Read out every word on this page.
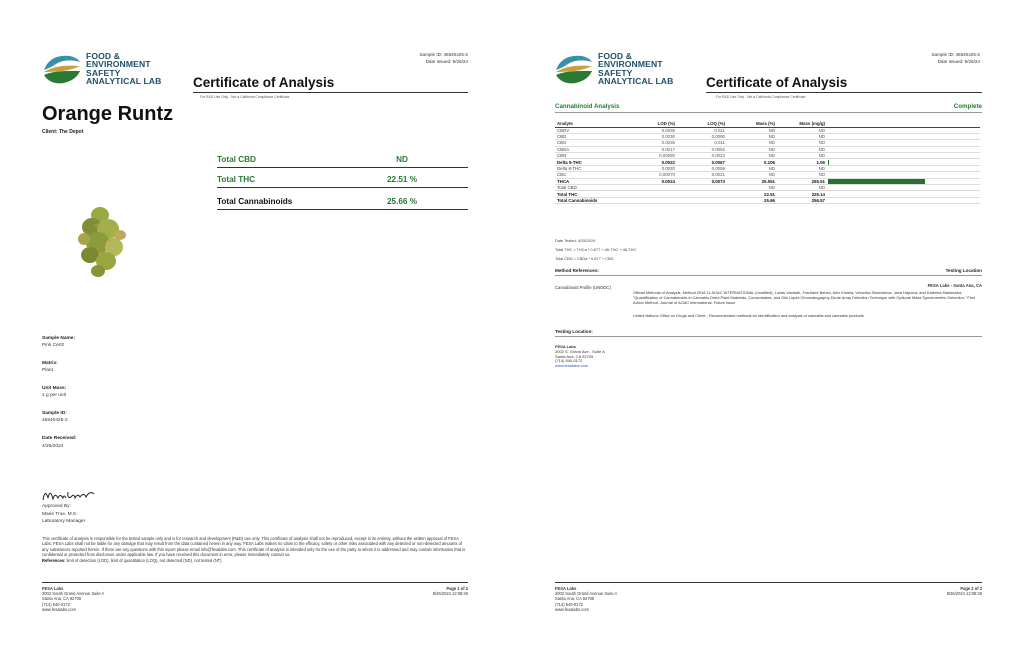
FOOD &
ENVIRONMENT
SAFETY
ANALYTICAL LAB
Sample ID: 46540425-2
Date Issued: 9/26/24
Certificate of Analysis
For R&D Use Only - Not a California Compliance Certificate
Orange Runtz
Client: The Depot
Total CBD	ND
Total THC	22.51 %
Total Cannabinoids	25.66 %
Sample Name:
Pink Certz
Matrix:
Plant
Unit Mass:
1 g per unit
Sample ID:
46540425-2
Date Received:
4/25/2024
Approved By:
Marie True, M.S.
Laboratory Manager
This certificate of analysis is responsible for the tested sample only and is for research and development (R&D) use only. This certificate of analysis shall not be reproduced, except in its entirety, without the written approval of FESA Labs. FESA Labs shall not be liable for any damage that may result from the data contained herein in any way. FESA Labs makes no claim to the efficacy, safety or other risks associated with any detected or non-detected amounts of any substances reported herein. If there are any questions with this report please email info@fesalabs.com. This certificate of analysis is intended only for the use of the party to whom it is addressed and may contain information that is confidential or protected from disclosure under applicable law. If you have received this document in error, please immediately contact us.
References: limit of detection (LOD), limit of quantitation (LOQ), not detected (ND), not tested (NT)
FESA Labs
2002 South Grand Avenue Suite A
Santa Ana, CA 92705
(714) 540-0172
www.fesalabs.com
Page 1 of 2
9/26/2024 12:08:36
FOOD &
ENVIRONMENT
SAFETY
ANALYTICAL LAB
Sample ID: 46540425-2
Date Issued: 9/26/24
Certificate of Analysis
For R&D Use Only - Not a California Compliance Certificate
Cannabinoid Analysis	Complete
Analyte	LOD (%)	LOQ (%)	Mass (%)	Mass (mg/g)	
CBDV	0.0035	0.011	ND	ND	
CBD	0.0030	0.0090	ND	ND	
CBG	0.0036	0.011	ND	ND	
CBDA	0.0017	0.0052	ND	ND	
CBN	0.00080	0.0024	ND	ND	
Delta 9-THC	0.0022	0.0067	0.106	1.06	
Delta 8-THC	0.0020	0.0059	ND	ND	
CBC	0.00070	0.0021	ND	ND	
THCA	0.0024	0.0073	25.551	255.51	
Total CBD			ND	ND	
Total THC			22.51	225.14	
Total Cannabinoids			25.66	256.57	
Date Tested: 4/25/2024
Total THC = THCa * 0.877 + d9-THC + d8-THC
Total CBD = CBDa * 0.877 + CBD
Method References:	Testing Location
Cannabinoid Profile (UNODC)	FESA Labs - Santa Ana, CA
Official Methods of Analysis, Method 2018.11 AOAC INTERNATIONAL (modified), Lukas Vaclavik, Frantisek Benes, Alex Kimela, Veronika Sindowlova, Jana Hajsova, and Katerina Mastovska, "Quantification of Cannabinoids in Cannabis Dried Plant Materials, Concentrates, and Oils Liquid Chromatography-Diode Array Detection Technique with Optional Mass Spectrometric Detection," First Action Method, Journal of AOAC International, Future Issue
United Nations Office on Drugs and Crime - Recommended methods for identification and analysis of cannabis and cannabis products
Testing Location:
FESA Labs
2002 S. Grand Ave., Suite A
Santa Ana, CA 92705
(714) 540-0172
www.fesalabs.com
FESA Labs
2002 South Grand Avenue Suite A
Santa Ana, CA 92705
(714) 540-0172
www.fesalabs.com
Page 2 of 2
9/26/2024 12:08:36
